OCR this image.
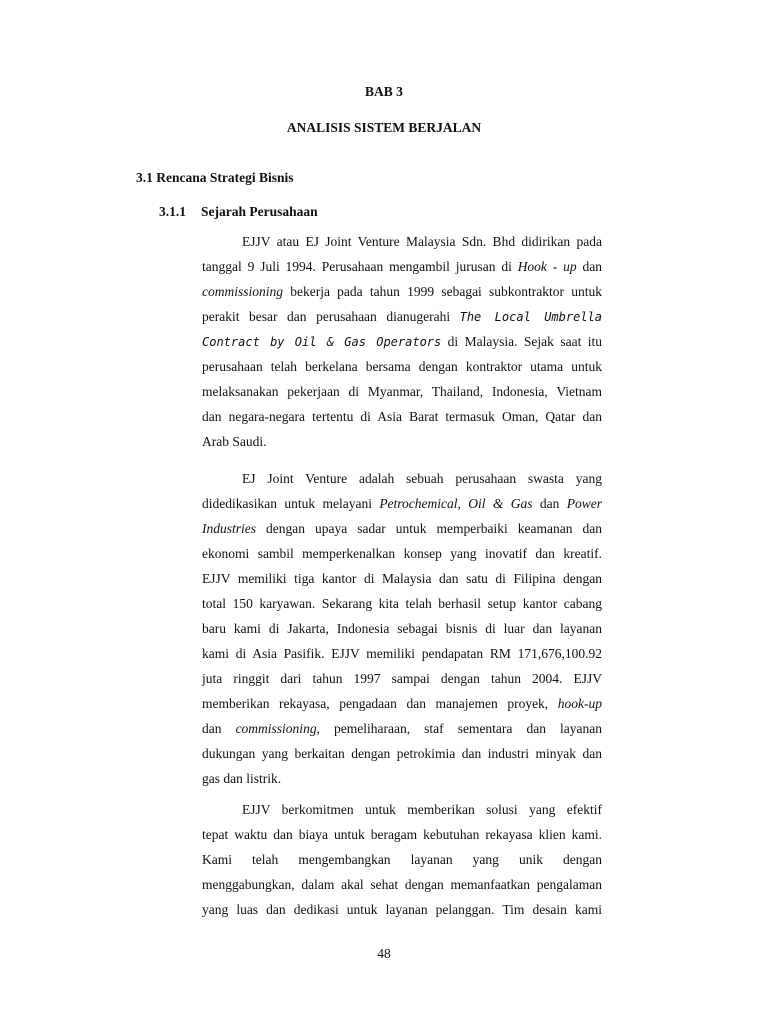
BAB 3
ANALISIS SISTEM BERJALAN
3.1 Rencana Strategi Bisnis
3.1.1 Sejarah Perusahaan
EJJV atau EJ Joint Venture Malaysia Sdn. Bhd didirikan pada
tanggal 9 Juli 1994. Perusahaan mengambil jurusan di Hook - up dan
commissioning bekerja pada tahun 1999 sebagai subkontraktor untuk
perakit besar dan perusahaan dianugerahi The Local Umbrella
Contract by Oil & Gas Operators di Malaysia. Sejak saat itu
perusahaan telah berkelana bersama dengan kontraktor utama untuk
melaksanakan pekerjaan di Myanmar, Thailand, Indonesia, Vietnam
dan negara-negara tertentu di Asia Barat termasuk Oman, Qatar dan
Arab Saudi.
EJ Joint Venture adalah sebuah perusahaan swasta yang
didedikasikan untuk melayani Petrochemical, Oil & Gas dan Power
Industries dengan upaya sadar untuk memperbaiki keamanan dan
ekonomi sambil memperkenalkan konsep yang inovatif dan kreatif.
EJJV memiliki tiga kantor di Malaysia dan satu di Filipina dengan
total 150 karyawan. Sekarang kita telah berhasil setup kantor cabang
baru kami di Jakarta, Indonesia sebagai bisnis di luar dan layanan
kami di Asia Pasifik. EJJV memiliki pendapatan RM 171,676,100.92
juta ringgit dari tahun 1997 sampai dengan tahun 2004. EJJV
memberikan rekayasa, pengadaan dan manajemen proyek, hook-up
dan commissioning, pemeliharaan, staf sementara dan layanan
dukungan yang berkaitan dengan petrokimia dan industri minyak dan
gas dan listrik.
EJJV berkomitmen untuk memberikan solusi yang efektif
tepat waktu dan biaya untuk beragam kebutuhan rekayasa klien kami.
Kami telah mengembangkan layanan yang unik dengan
menggabungkan, dalam akal sehat dengan memanfaatkan pengalaman
yang luas dan dedikasi untuk layanan pelanggan. Tim desain kami
48
